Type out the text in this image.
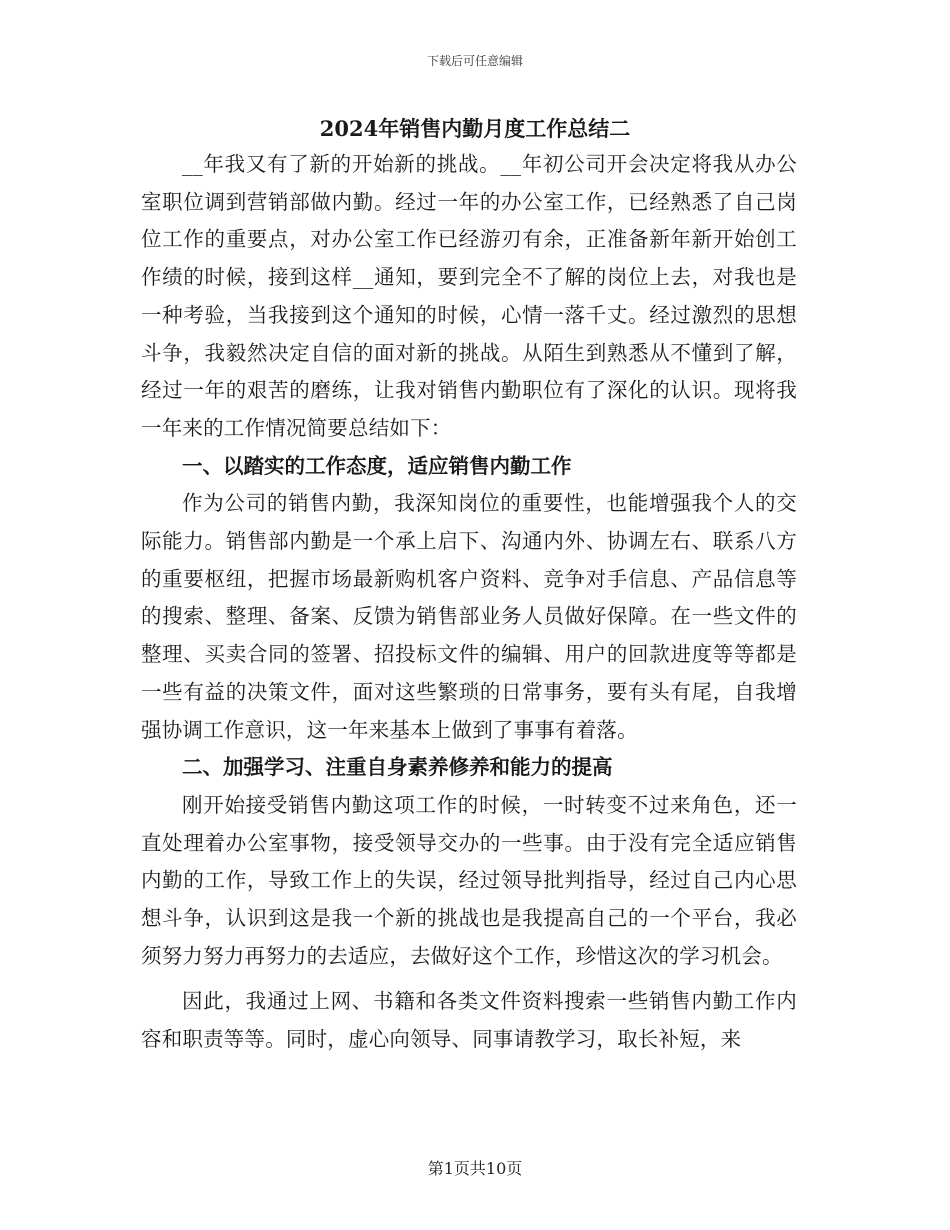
下载后可任意编辑
2024年销售内勤月度工作总结二

__年我又有了新的开始新的挑战。__年初公司开会决定将我从办公室职位调到营销部做内勤。经过一年的办公室工作，已经熟悉了自己岗位工作的重要点，对办公室工作已经游刃有余，正准备新年新开始创工作绩的时候，接到这样__通知，要到完全不了解的岗位上去，对我也是一种考验，当我接到这个通知的时候，心情一落千丈。经过激烈的思想斗争，我毅然决定自信的面对新的挑战。从陌生到熟悉从不懂到了解，经过一年的艰苦的磨练，让我对销售内勤职位有了深化的认识。现将我一年来的工作情况简要总结如下：

一、以踏实的工作态度，适应销售内勤工作

作为公司的销售内勤，我深知岗位的重要性，也能增强我个人的交际能力。销售部内勤是一个承上启下、沟通内外、协调左右、联系八方的重要枢纽，把握市场最新购机客户资料、竞争对手信息、产品信息等的搜索、整理、备案、反馈为销售部业务人员做好保障。在一些文件的整理、买卖合同的签署、招投标文件的编辑、用户的回款进度等等都是一些有益的决策文件，面对这些繁琐的日常事务，要有头有尾，自我增强协调工作意识，这一年来基本上做到了事事有着落。

二、加强学习、注重自身素养修养和能力的提高

刚开始接受销售内勤这项工作的时候，一时转变不过来角色，还一直处理着办公室事物，接受领导交办的一些事。由于没有完全适应销售内勤的工作，导致工作上的失误，经过领导批判指导，经过自己内心思想斗争，认识到这是我一个新的挑战也是我提高自己的一个平台，我必须努力努力再努力的去适应，去做好这个工作，珍惜这次的学习机会。

因此，我通过上网、书籍和各类文件资料搜索一些销售内勤工作内容和职责等等。同时，虚心向领导、同事请教学习，取长补短，来

第1页共10页
